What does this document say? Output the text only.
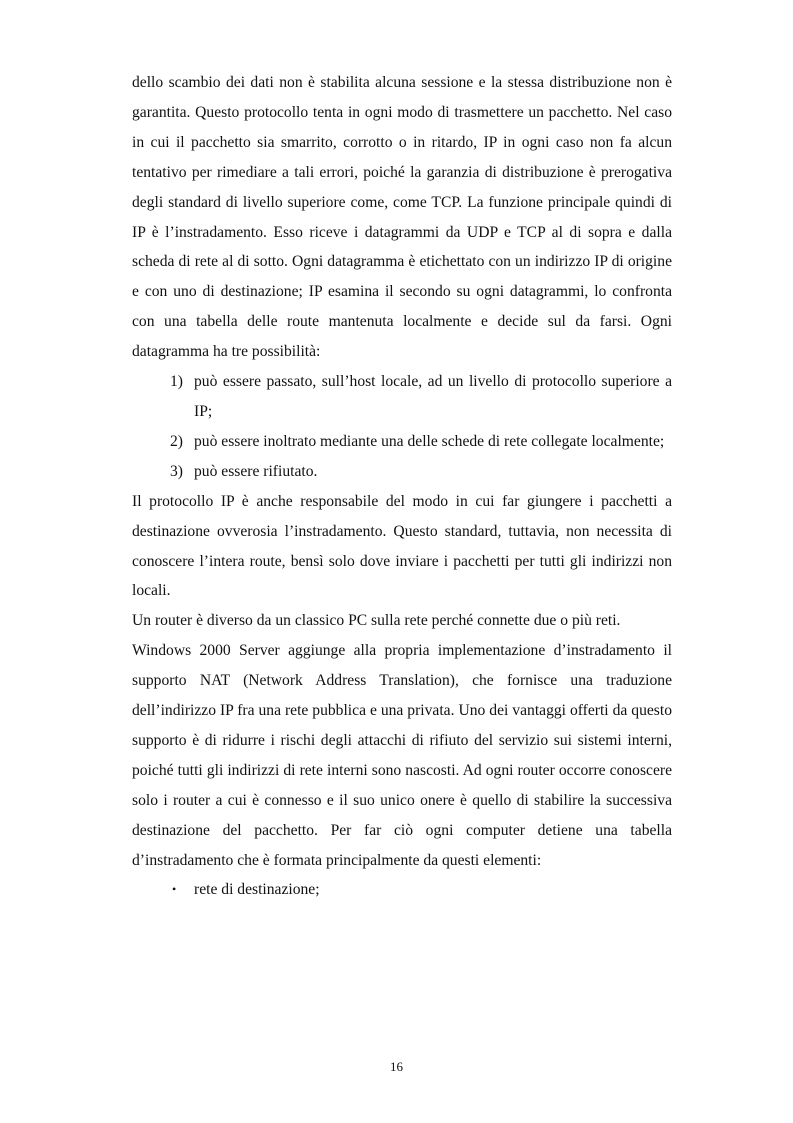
dello scambio dei dati non è stabilita alcuna sessione e la stessa distribuzione non è garantita. Questo protocollo tenta in ogni modo di trasmettere un pacchetto. Nel caso in cui il pacchetto sia smarrito, corrotto o in ritardo, IP in ogni caso non fa alcun tentativo per rimediare a tali errori, poiché la garanzia di distribuzione è prerogativa degli standard di livello superiore come, come TCP. La funzione principale quindi di IP è l’instradamento. Esso riceve i datagrammi da UDP e TCP al di sopra e dalla scheda di rete al di sotto. Ogni datagramma è etichettato con un indirizzo IP di origine e con uno di destinazione; IP esamina il secondo su ogni datagrammi, lo confronta con una tabella delle route mantenuta localmente e decide sul da farsi. Ogni datagramma ha tre possibilità:

1) può essere passato, sull’host locale, ad un livello di protocollo superiore a IP;
2) può essere inoltrato mediante una delle schede di rete collegate localmente;
3) può essere rifiutato.

Il protocollo IP è anche responsabile del modo in cui far giungere i pacchetti a destinazione ovverosia l’instradamento. Questo standard, tuttavia, non necessita di conoscere l’intera route, bensì solo dove inviare i pacchetti per tutti gli indirizzi non locali.

Un router è diverso da un classico PC sulla rete perché connette due o più reti.

Windows 2000 Server aggiunge alla propria implementazione d’instradamento il supporto NAT (Network Address Translation), che fornisce una traduzione dell’indirizzo IP fra una rete pubblica e una privata. Uno dei vantaggi offerti da questo supporto è di ridurre i rischi degli attacchi di rifiuto del servizio sui sistemi interni, poiché tutti gli indirizzi di rete interni sono nascosti. Ad ogni router occorre conoscere solo i router a cui è connesso e il suo unico onere è quello di stabilire la successiva destinazione del pacchetto. Per far ciò ogni computer detiene una tabella d’instradamento che è formata principalmente da questi elementi:

• rete di destinazione;
16
